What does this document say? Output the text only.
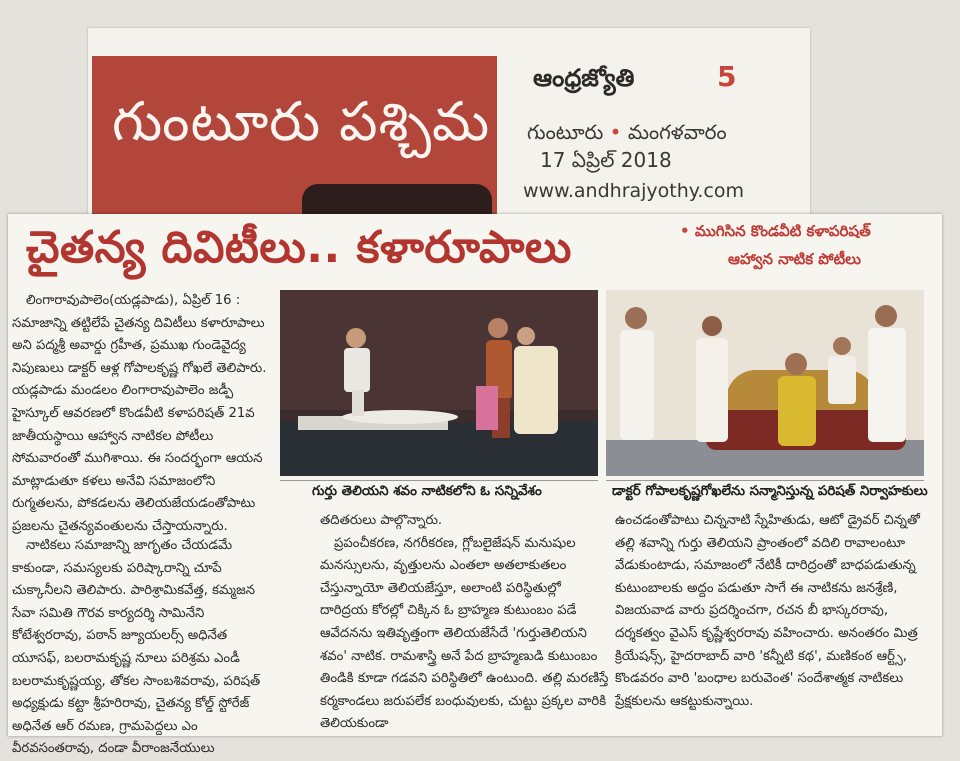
గుంటూరు పశ్చిమ
ఆంధ్రజ్యోతి	5
గుంటూరు • మంగళవారం
17 ఏప్రిల్ 2018
www.andhrajyothy.com
చైతన్య దివిటీలు.. కళారూపాలు
•	ముగిసిన కొండవీటి కళాపరిషత్
ఆహ్వాన నాటిక పోటీలు

లింగారావుపాలెం(యడ్లపాడు), ఏప్రిల్ 16 : సమాజాన్ని తట్టిలేపే చైతన్య దివిటీలు కళారూపాలు అని పద్మశ్రీ అవార్డు గ్రహీత, ప్రముఖ గుండెవైద్య నిపుణులు డాక్టర్ ఆళ్ల గోపాలకృష్ణ గోఖలే తెలిపారు. యడ్లపాడు మండలం లింగారావుపాలెం జడ్పీ హైస్కూల్ ఆవరణలో కొండవీటి కళాపరిషత్ 21వ జాతీయస్థాయి ఆహ్వాన నాటికల పోటీలు సోమవారంతో ముగిశాయి. ఈ సందర్భంగా ఆయన మాట్లాడుతూ కళలు అనేవి సమాజంలోని రుగ్మతలను, పోకడలను తెలియజేయడంతోపాటు ప్రజలను చైతన్యవంతులను చేస్తాయన్నారు.

నాటికలు సమాజాన్ని జాగృతం చేయడమే కాకుండా, సమస్యలకు పరిష్కారాన్ని చూపే చుక్కానీలని తెలిపారు. పారిశ్రామికవేత్త, కమ్మజన సేవా సమితి గౌరవ కార్యదర్శి సామినేని కోటేశ్వరరావు, పఠాన్ జ్యూయలర్స్ అధినేత యూసఫ్, బలరామకృష్ణ నూలు పరిశ్రమ ఎండీ బలరామకృష్ణయ్య, తోకల సాంబశివరావు, పరిషత్ అధ్యక్షుడు కట్టా శ్రీహరిరావు, చైతన్య కోల్డ్ స్టోరేజ్ అధినేత ఆర్ రమణ, గ్రామపెద్దలు ఎం వీరవసంతరావు, దండా వీరాంజనేయులు

గుర్తు తెలియని శవం నాటికలోని ఓ సన్నివేశం	డాక్టర్ గోపాలకృష్ణగోఖలేను సన్మానిస్తున్న పరిషత్ నిర్వాహకులు

తదితరులు పాల్గొన్నారు.

ప్రపంచీకరణ, నగరీకరణ, గ్లోబలైజేషన్ మనుషుల మనస్సులను, వృత్తులను ఎంతలా అతలాకుతలం చేస్తున్నాయో తెలియజేస్తూ, అలాంటి పరిస్థితుల్లో దారిద్రయ కోరల్లో చిక్కిన ఓ బ్రాహ్మణ కుటుంబం పడే ఆవేదనను ఇతివృత్తంగా తెలియజేసేదే 'గుర్తుతెలియని శవం' నాటిక. రామశాస్త్రి అనే పేద బ్రాహ్మణుడి కుటుంబం తిండికి కూడా గడవని పరిస్థితిలో ఉంటుంది. తల్లి మరణిస్తే కర్మకాండలు జరుపలేక బంధువులకు, చుట్టు ప్రక్కల వారికి తెలియకుండా

ఉంచడంతోపాటు చిన్ననాటి స్నేహితుడు, ఆటో డ్రైవర్ చిన్నతో తల్లి శవాన్ని గుర్తు తెలియని ప్రాంతంలో వదిలి రావాలంటూ వేడుకుంటాడు, సమాజంలో నేటికీ దారిద్రంతో బాధపడుతున్న కుటుంబాలకు అద్దం పడుతూ సాగే ఈ నాటికను జనశ్రేణి, విజయవాడ వారు ప్రదర్శించగా, రచన బీ భాస్కరరావు, దర్శకత్వం వైఎస్ కృష్ణేశ్వరరావు వహించారు. అనంతరం మిత్ర క్రియేషన్స్, హైదరాబాద్ వారి 'కన్నీటి కథ', మణికంఠ ఆర్ట్స్, కొండవరం వారి 'బంధాల బరువెంత' సందేశాత్మక నాటికలు ప్రేక్షకులను ఆకట్టుకున్నాయి.
